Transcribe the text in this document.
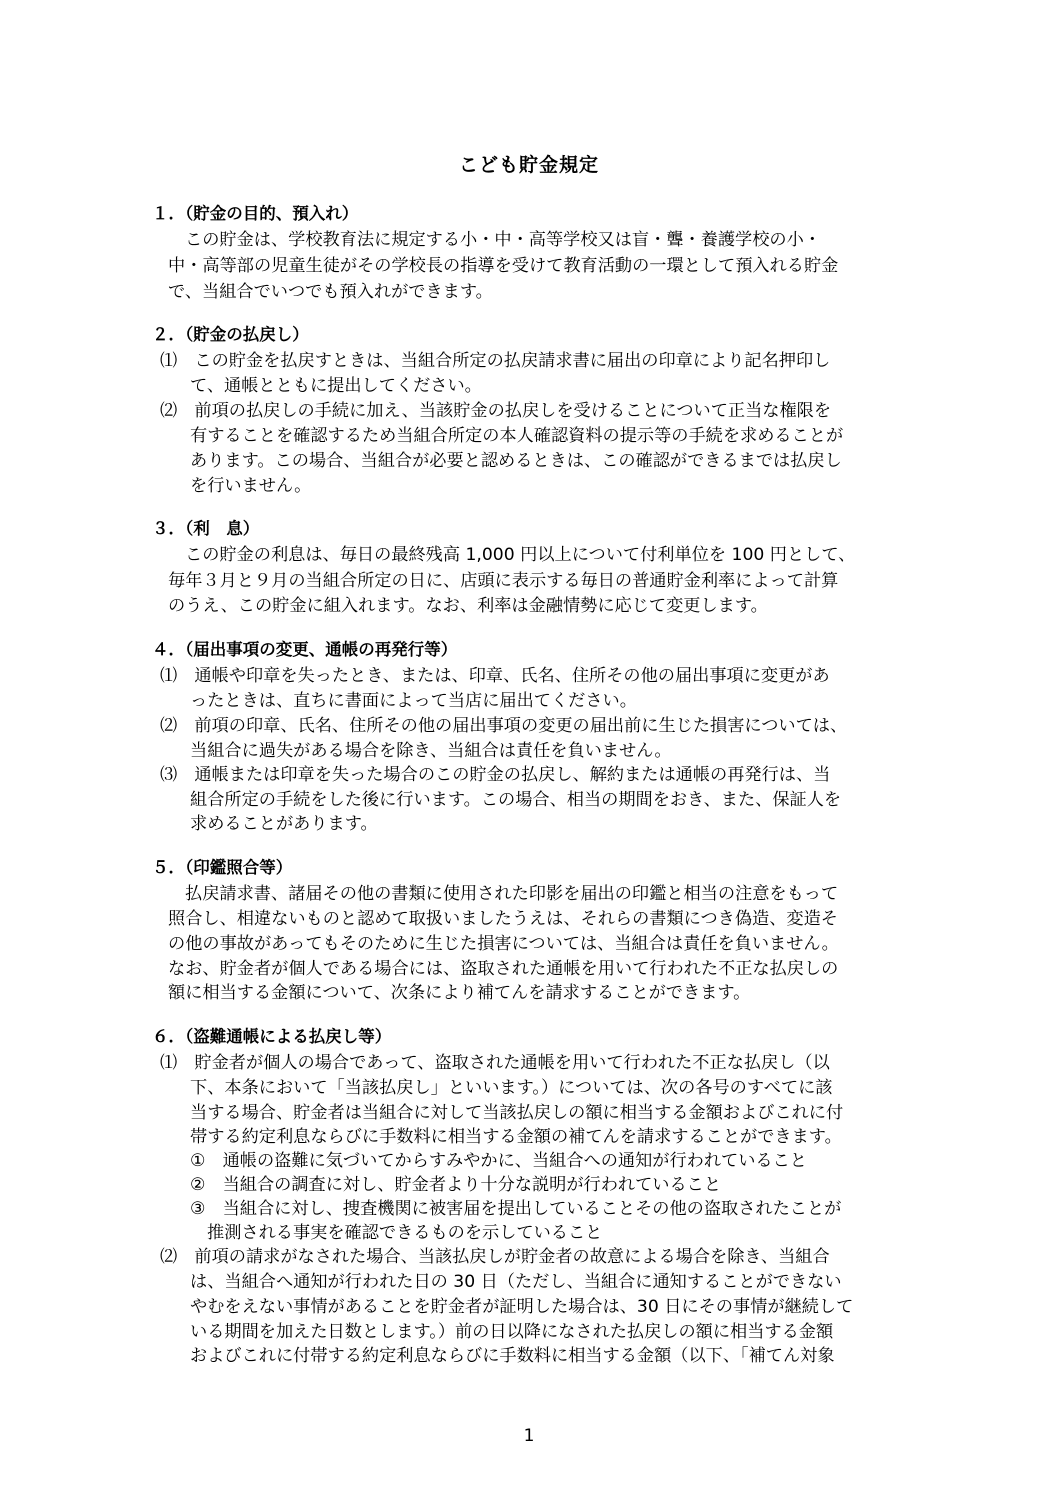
こども貯金規定
１．（貯金の目的、預入れ）
この貯金は、学校教育法に規定する小・中・高等学校又は盲・聾・養護学校の小・
中・高等部の児童生徒がその学校長の指導を受けて教育活動の一環として預入れる貯金
で、当組合でいつでも預入れができます。
２．（貯金の払戻し）
⑴　この貯金を払戻すときは、当組合所定の払戻請求書に届出の印章により記名押印し
て、通帳とともに提出してください。
⑵　前項の払戻しの手続に加え、当該貯金の払戻しを受けることについて正当な権限を
有することを確認するため当組合所定の本人確認資料の提示等の手続を求めることが
あります。この場合、当組合が必要と認めるときは、この確認ができるまでは払戻し
を行いません。
３．（利　息）
この貯金の利息は、毎日の最終残高 1,000 円以上について付利単位を 100 円として、
毎年３月と９月の当組合所定の日に、店頭に表示する毎日の普通貯金利率によって計算
のうえ、この貯金に組入れます。なお、利率は金融情勢に応じて変更します。
４．（届出事項の変更、通帳の再発行等）
⑴　通帳や印章を失ったとき、または、印章、氏名、住所その他の届出事項に変更があ
ったときは、直ちに書面によって当店に届出てください。
⑵　前項の印章、氏名、住所その他の届出事項の変更の届出前に生じた損害については、
当組合に過失がある場合を除き、当組合は責任を負いません。
⑶　通帳または印章を失った場合のこの貯金の払戻し、解約または通帳の再発行は、当
組合所定の手続をした後に行います。この場合、相当の期間をおき、また、保証人を
求めることがあります。
５．（印鑑照合等）
払戻請求書、諸届その他の書類に使用された印影を届出の印鑑と相当の注意をもって
照合し、相違ないものと認めて取扱いましたうえは、それらの書類につき偽造、変造そ
の他の事故があってもそのために生じた損害については、当組合は責任を負いません。
なお、貯金者が個人である場合には、盗取された通帳を用いて行われた不正な払戻しの
額に相当する金額について、次条により補てんを請求することができます。
６．（盗難通帳による払戻し等）
⑴　貯金者が個人の場合であって、盗取された通帳を用いて行われた不正な払戻し（以
下、本条において「当該払戻し」といいます。）については、次の各号のすべてに該
当する場合、貯金者は当組合に対して当該払戻しの額に相当する金額およびこれに付
帯する約定利息ならびに手数料に相当する金額の補てんを請求することができます。
①　通帳の盗難に気づいてからすみやかに、当組合への通知が行われていること
②　当組合の調査に対し、貯金者より十分な説明が行われていること
③　当組合に対し、捜査機関に被害届を提出していることその他の盗取されたことが
推測される事実を確認できるものを示していること
⑵　前項の請求がなされた場合、当該払戻しが貯金者の故意による場合を除き、当組合
は、当組合へ通知が行われた日の 30 日（ただし、当組合に通知することができない
やむをえない事情があることを貯金者が証明した場合は、30 日にその事情が継続して
いる期間を加えた日数とします。）前の日以降になされた払戻しの額に相当する金額
およびこれに付帯する約定利息ならびに手数料に相当する金額（以下、「補てん対象
1
